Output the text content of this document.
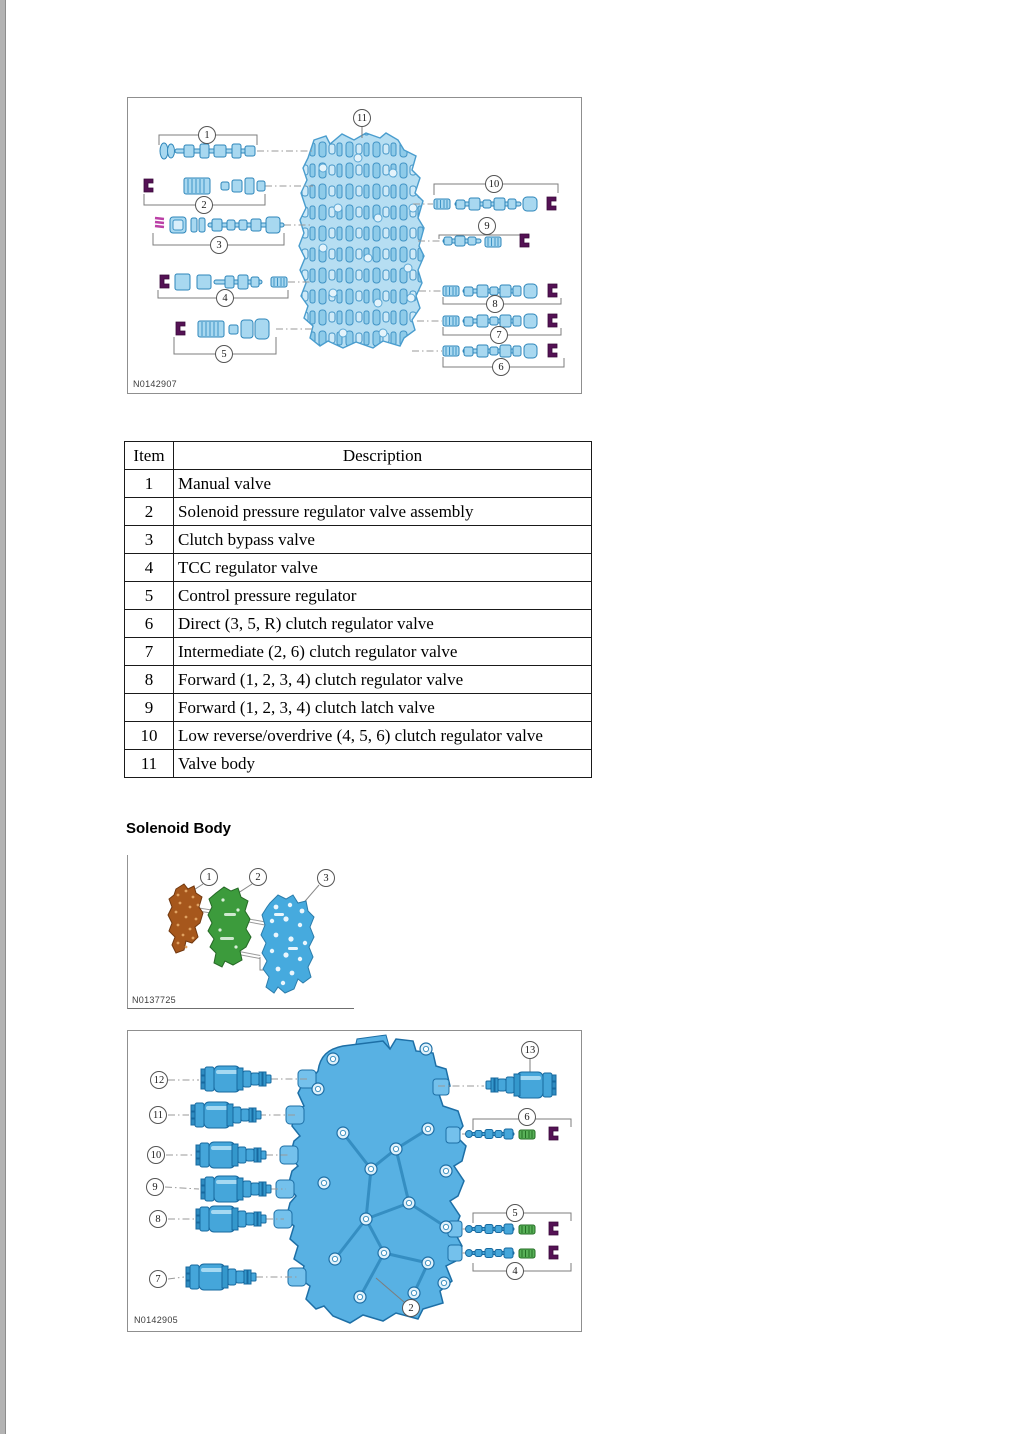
1
2
3
4
5
6
7
8
9
10
11
N0142907
Item	Description
1	Manual valve
2	Solenoid pressure regulator valve assembly
3	Clutch bypass valve
4	TCC regulator valve
5	Control pressure regulator
6	Direct (3, 5, R) clutch regulator valve
7	Intermediate (2, 6) clutch regulator valve
8	Forward (1, 2, 3, 4) clutch regulator valve
9	Forward (1, 2, 3, 4) clutch latch valve
10	Low reverse/overdrive (4, 5, 6) clutch regulator valve
11	Valve body
Solenoid Body
1	2	3
N0137725
12
11
10
9
8
7
13
6
5
4
2
N0142905
